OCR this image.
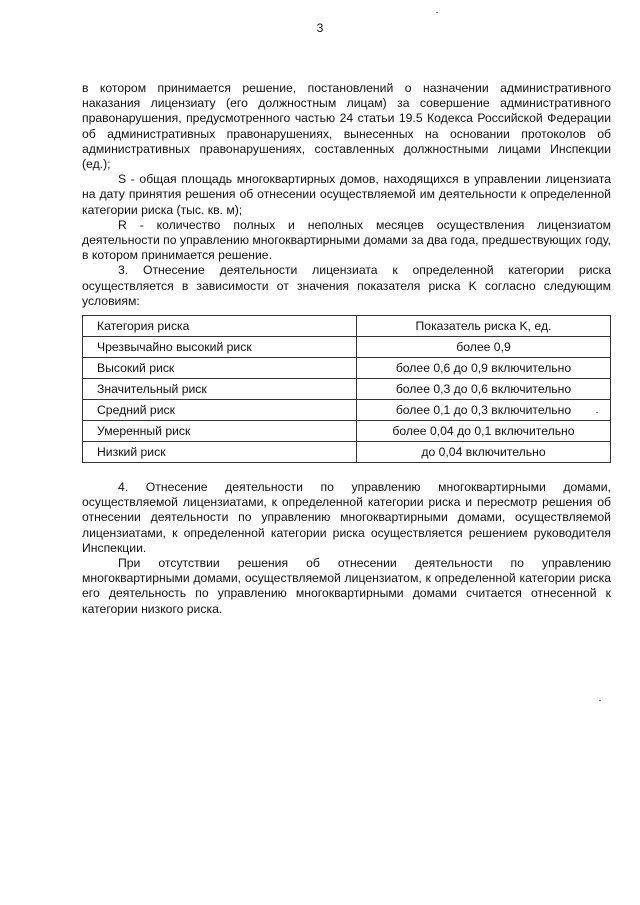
3

в котором принимается решение, постановлений о назначении административного наказания лицензиату (его должностным лицам) за совершение административного правонарушения, предусмотренного частью 24 статьи 19.5 Кодекса Российской Федерации об административных правонарушениях, вынесенных на основании протоколов об административных правонарушениях, составленных должностными лицами Инспекции (ед.);

S - общая площадь многоквартирных домов, находящихся в управлении лицензиата на дату принятия решения об отнесении осуществляемой им деятельности к определенной категории риска (тыс. кв. м);

R - количество полных и неполных месяцев осуществления лицензиатом деятельности по управлению многоквартирными домами за два года, предшествующих году, в котором принимается решение.

3. Отнесение деятельности лицензиата к определенной категории риска осуществляется в зависимости от значения показателя риска K согласно следующим условиям:

Категория риска	Показатель риска K, ед.
Чрезвычайно высокий риск	более 0,9
Высокий риск	более 0,6 до 0,9 включительно
Значительный риск	более 0,3 до 0,6 включительно
Средний риск	более 0,1 до 0,3 включительно
Умеренный риск	более 0,04 до 0,1 включительно
Низкий риск	до 0,04 включительно

4. Отнесение деятельности по управлению многоквартирными домами, осуществляемой лицензиатами, к определенной категории риска и пересмотр решения об отнесении деятельности по управлению многоквартирными домами, осуществляемой лицензиатами, к определенной категории риска осуществляется решением руководителя Инспекции.

При отсутствии решения об отнесении деятельности по управлению многоквартирными домами, осуществляемой лицензиатом, к определенной категории риска его деятельность по управлению многоквартирными домами считается отнесенной к категории низкого риска.
